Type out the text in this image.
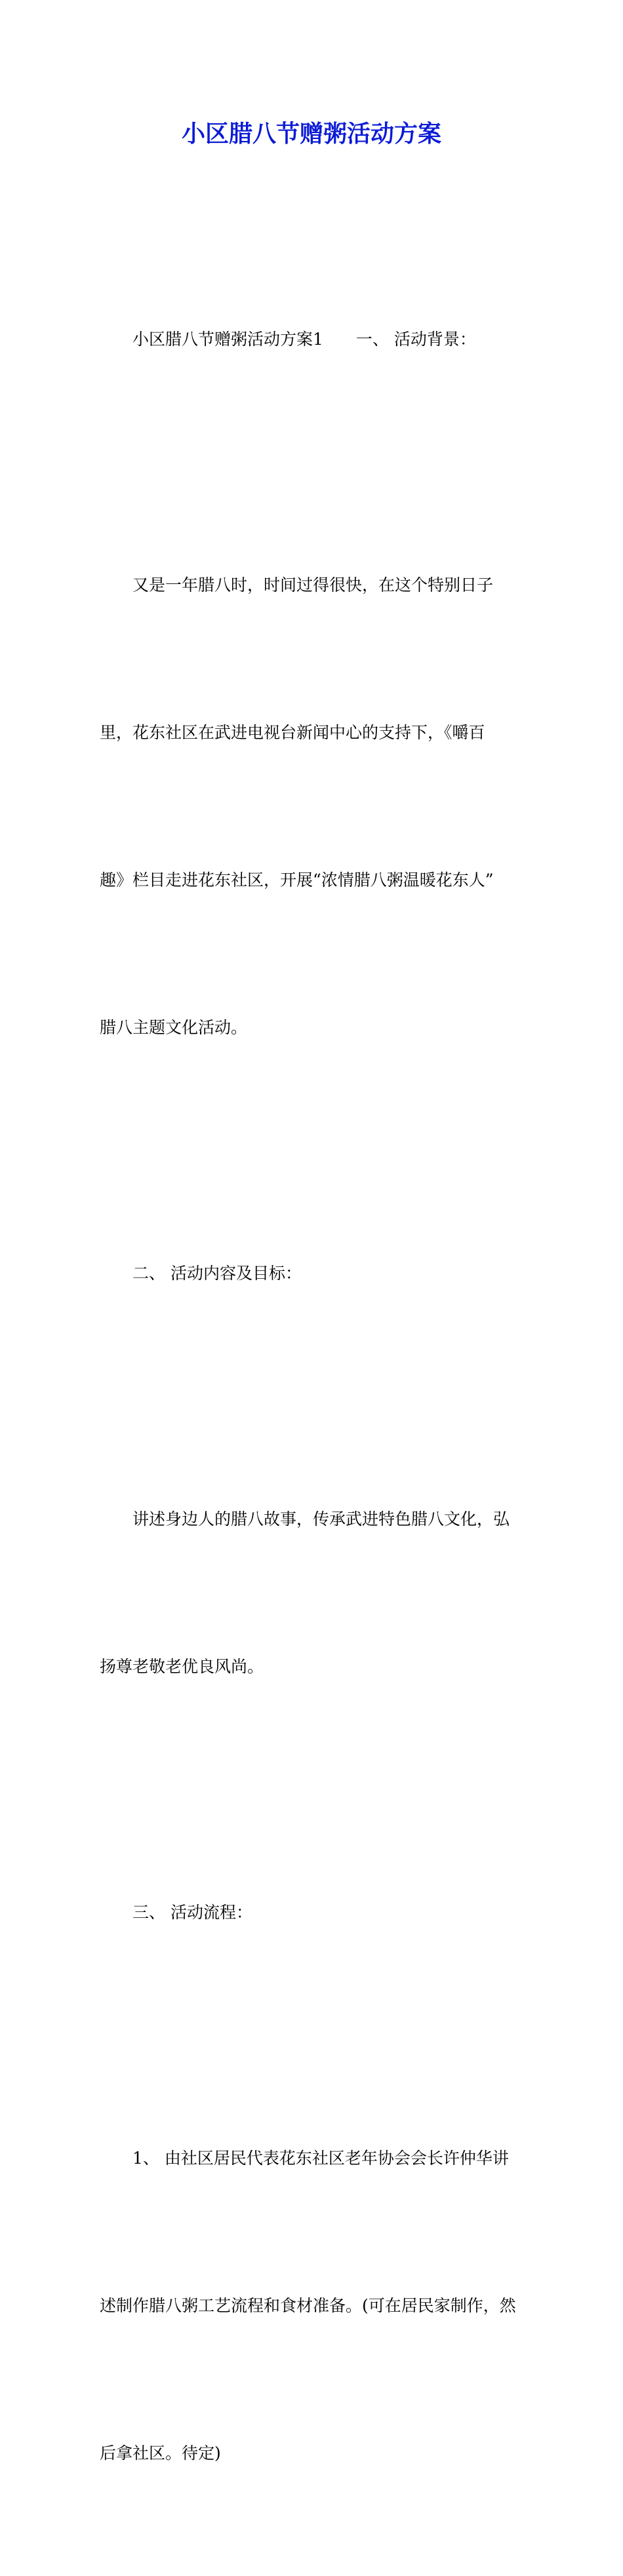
小区腊八节赠粥活动方案

小区腊八节赠粥活动方案1　　一、 活动背景：

又是一年腊八时，时间过得很快，在这个特别日子

里，花东社区在武进电视台新闻中心的支持下，《嚼百

趣》栏目走进花东社区，开展“浓情腊八粥温暖花东人”

腊八主题文化活动。

二、 活动内容及目标：

讲述身边人的腊八故事，传承武进特色腊八文化，弘

扬尊老敬老优良风尚。

三、 活动流程：

1、 由社区居民代表花东社区老年协会会长许仲华讲

述制作腊八粥工艺流程和食材准备。(可在居民家制作，然

后拿社区。待定)
